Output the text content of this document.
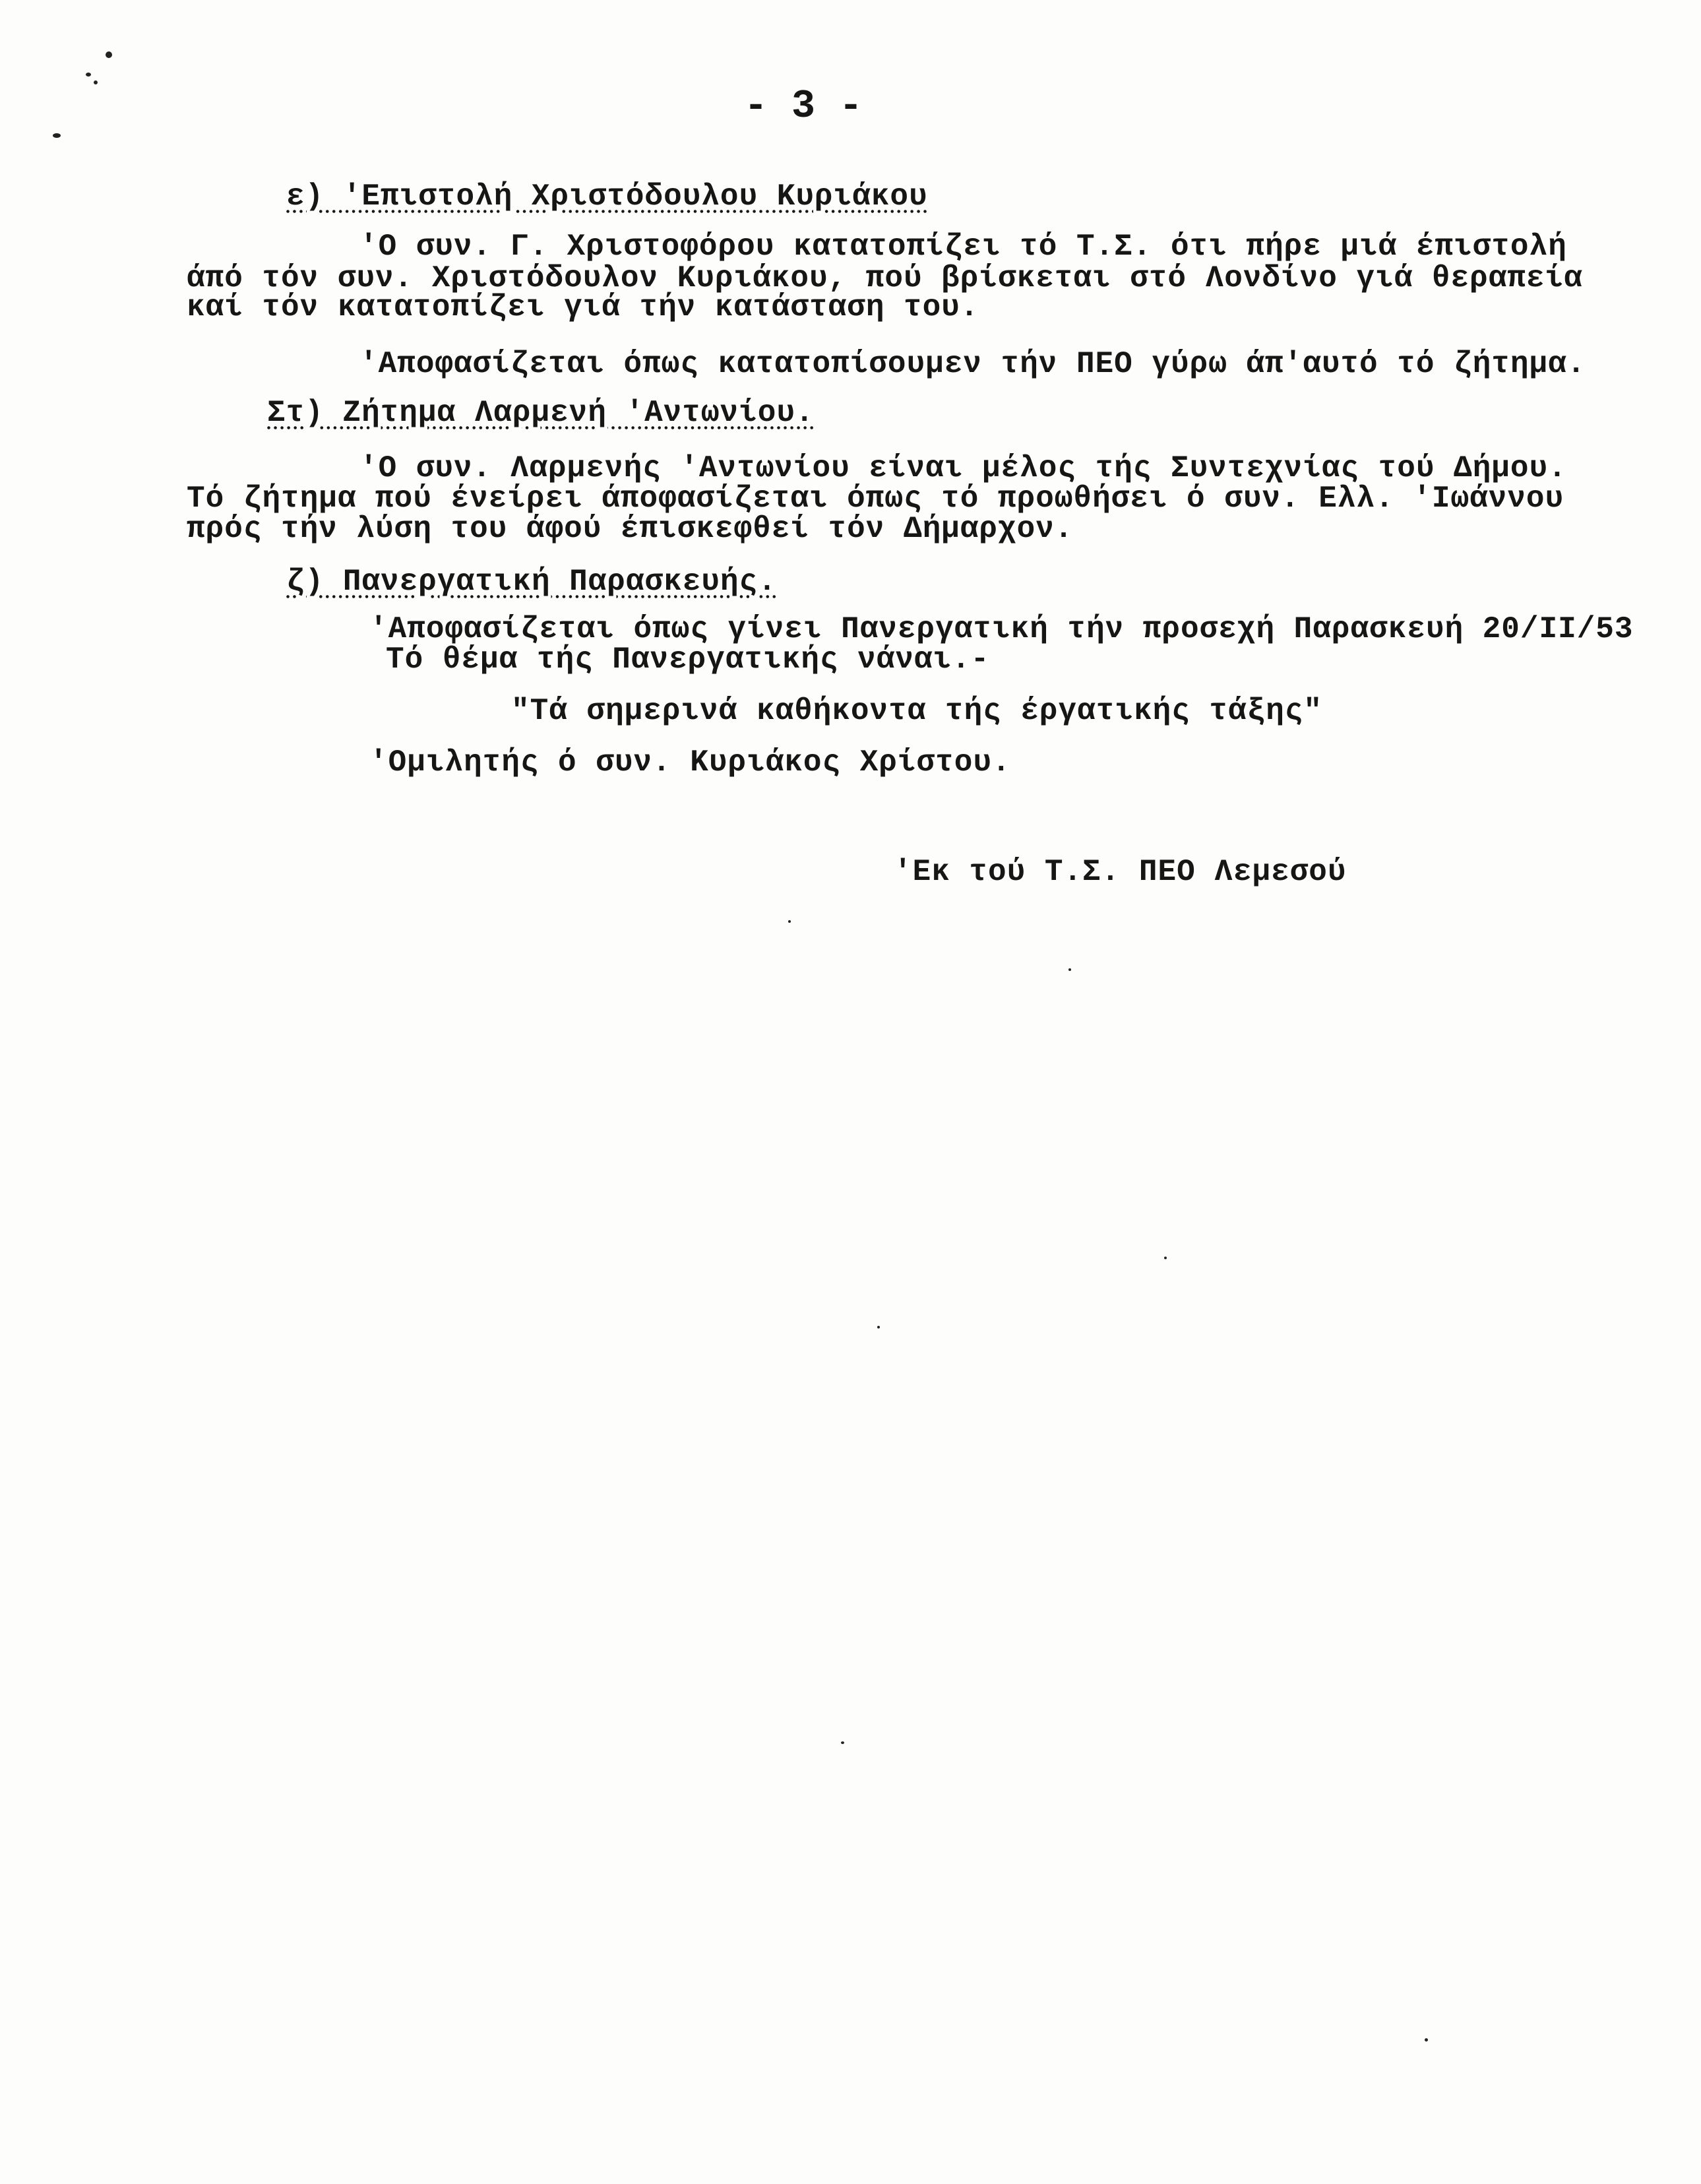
- 3 -
ε) 'Επιστολή Χριστόδουλου Κυριάκου
'Ο συν. Γ. Χριστοφόρου κατατοπίζει τό Τ.Σ. ότι πήρε μιά έπιστολή
άπό τόν συν. Χριστόδουλον Κυριάκου, πού βρίσκεται στό Λονδίνο γιά θεραπεία
καί τόν κατατοπίζει γιά τήν κατάσταση του.
'Αποφασίζεται όπως κατατοπίσουμεν τήν ΠΕΟ γύρω άπ'αυτό τό ζήτημα.
Στ) Ζήτημα Λαρμενή 'Αντωνίου.
'Ο συν. Λαρμενής 'Αντωνίου είναι μέλος τής Συντεχνίας τού Δήμου.
Τό ζήτημα πού ένείρει άποφασίζεται όπως τό προωθήσει ό συν. Ελλ. 'Ιωάννου
πρός τήν λύση του άφού έπισκεφθεί τόν Δήμαρχον.
ζ) Πανεργατική Παρασκευής.
'Αποφασίζεται όπως γίνει Πανεργατική τήν προσεχή Παρασκευή 20/ΙΙ/53
Τό θέμα τής Πανεργατικής νάναι.-
"Τά σημερινά καθήκοντα τής έργατικής τάξης"
'Ομιλητής ό συν. Κυριάκος Χρίστου.
'Εκ τού Τ.Σ. ΠΕΟ Λεμεσού
